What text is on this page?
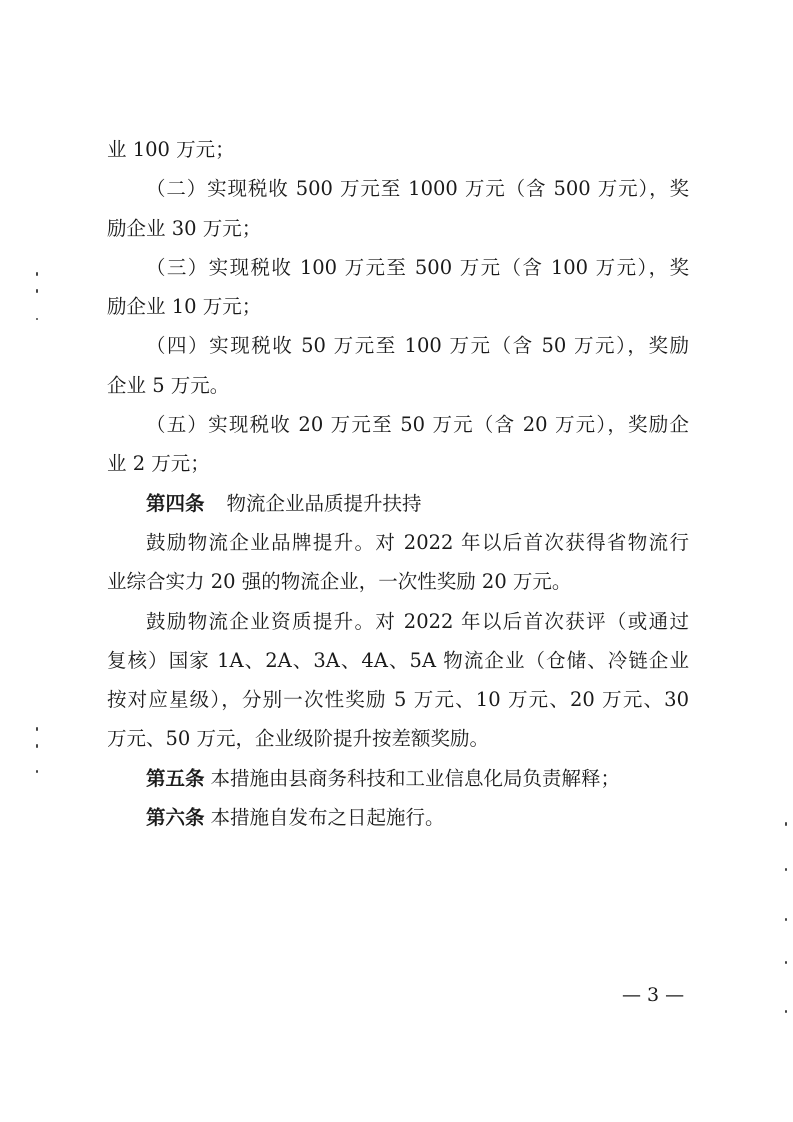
业 100 万元；
（二）实现税收 500 万元至 1000 万元（含 500 万元），奖
励企业 30 万元；
（三）实现税收 100 万元至 500 万元（含 100 万元），奖
励企业 10 万元；
（四）实现税收 50 万元至 100 万元（含 50 万元），奖励
企业 5 万元。
（五）实现税收 20 万元至 50 万元（含 20 万元），奖励企
业 2 万元；
第四条 物流企业品质提升扶持
鼓励物流企业品牌提升。对 2022 年以后首次获得省物流行
业综合实力 20 强的物流企业，一次性奖励 20 万元。
鼓励物流企业资质提升。对 2022 年以后首次获评（或通过
复核）国家 1A、2A、3A、4A、5A 物流企业（仓储、冷链企业
按对应星级），分别一次性奖励 5 万元、10 万元、20 万元、30
万元、50 万元，企业级阶提升按差额奖励。
第五条 本措施由县商务科技和工业信息化局负责解释；
第六条 本措施自发布之日起施行。
— 3 —
